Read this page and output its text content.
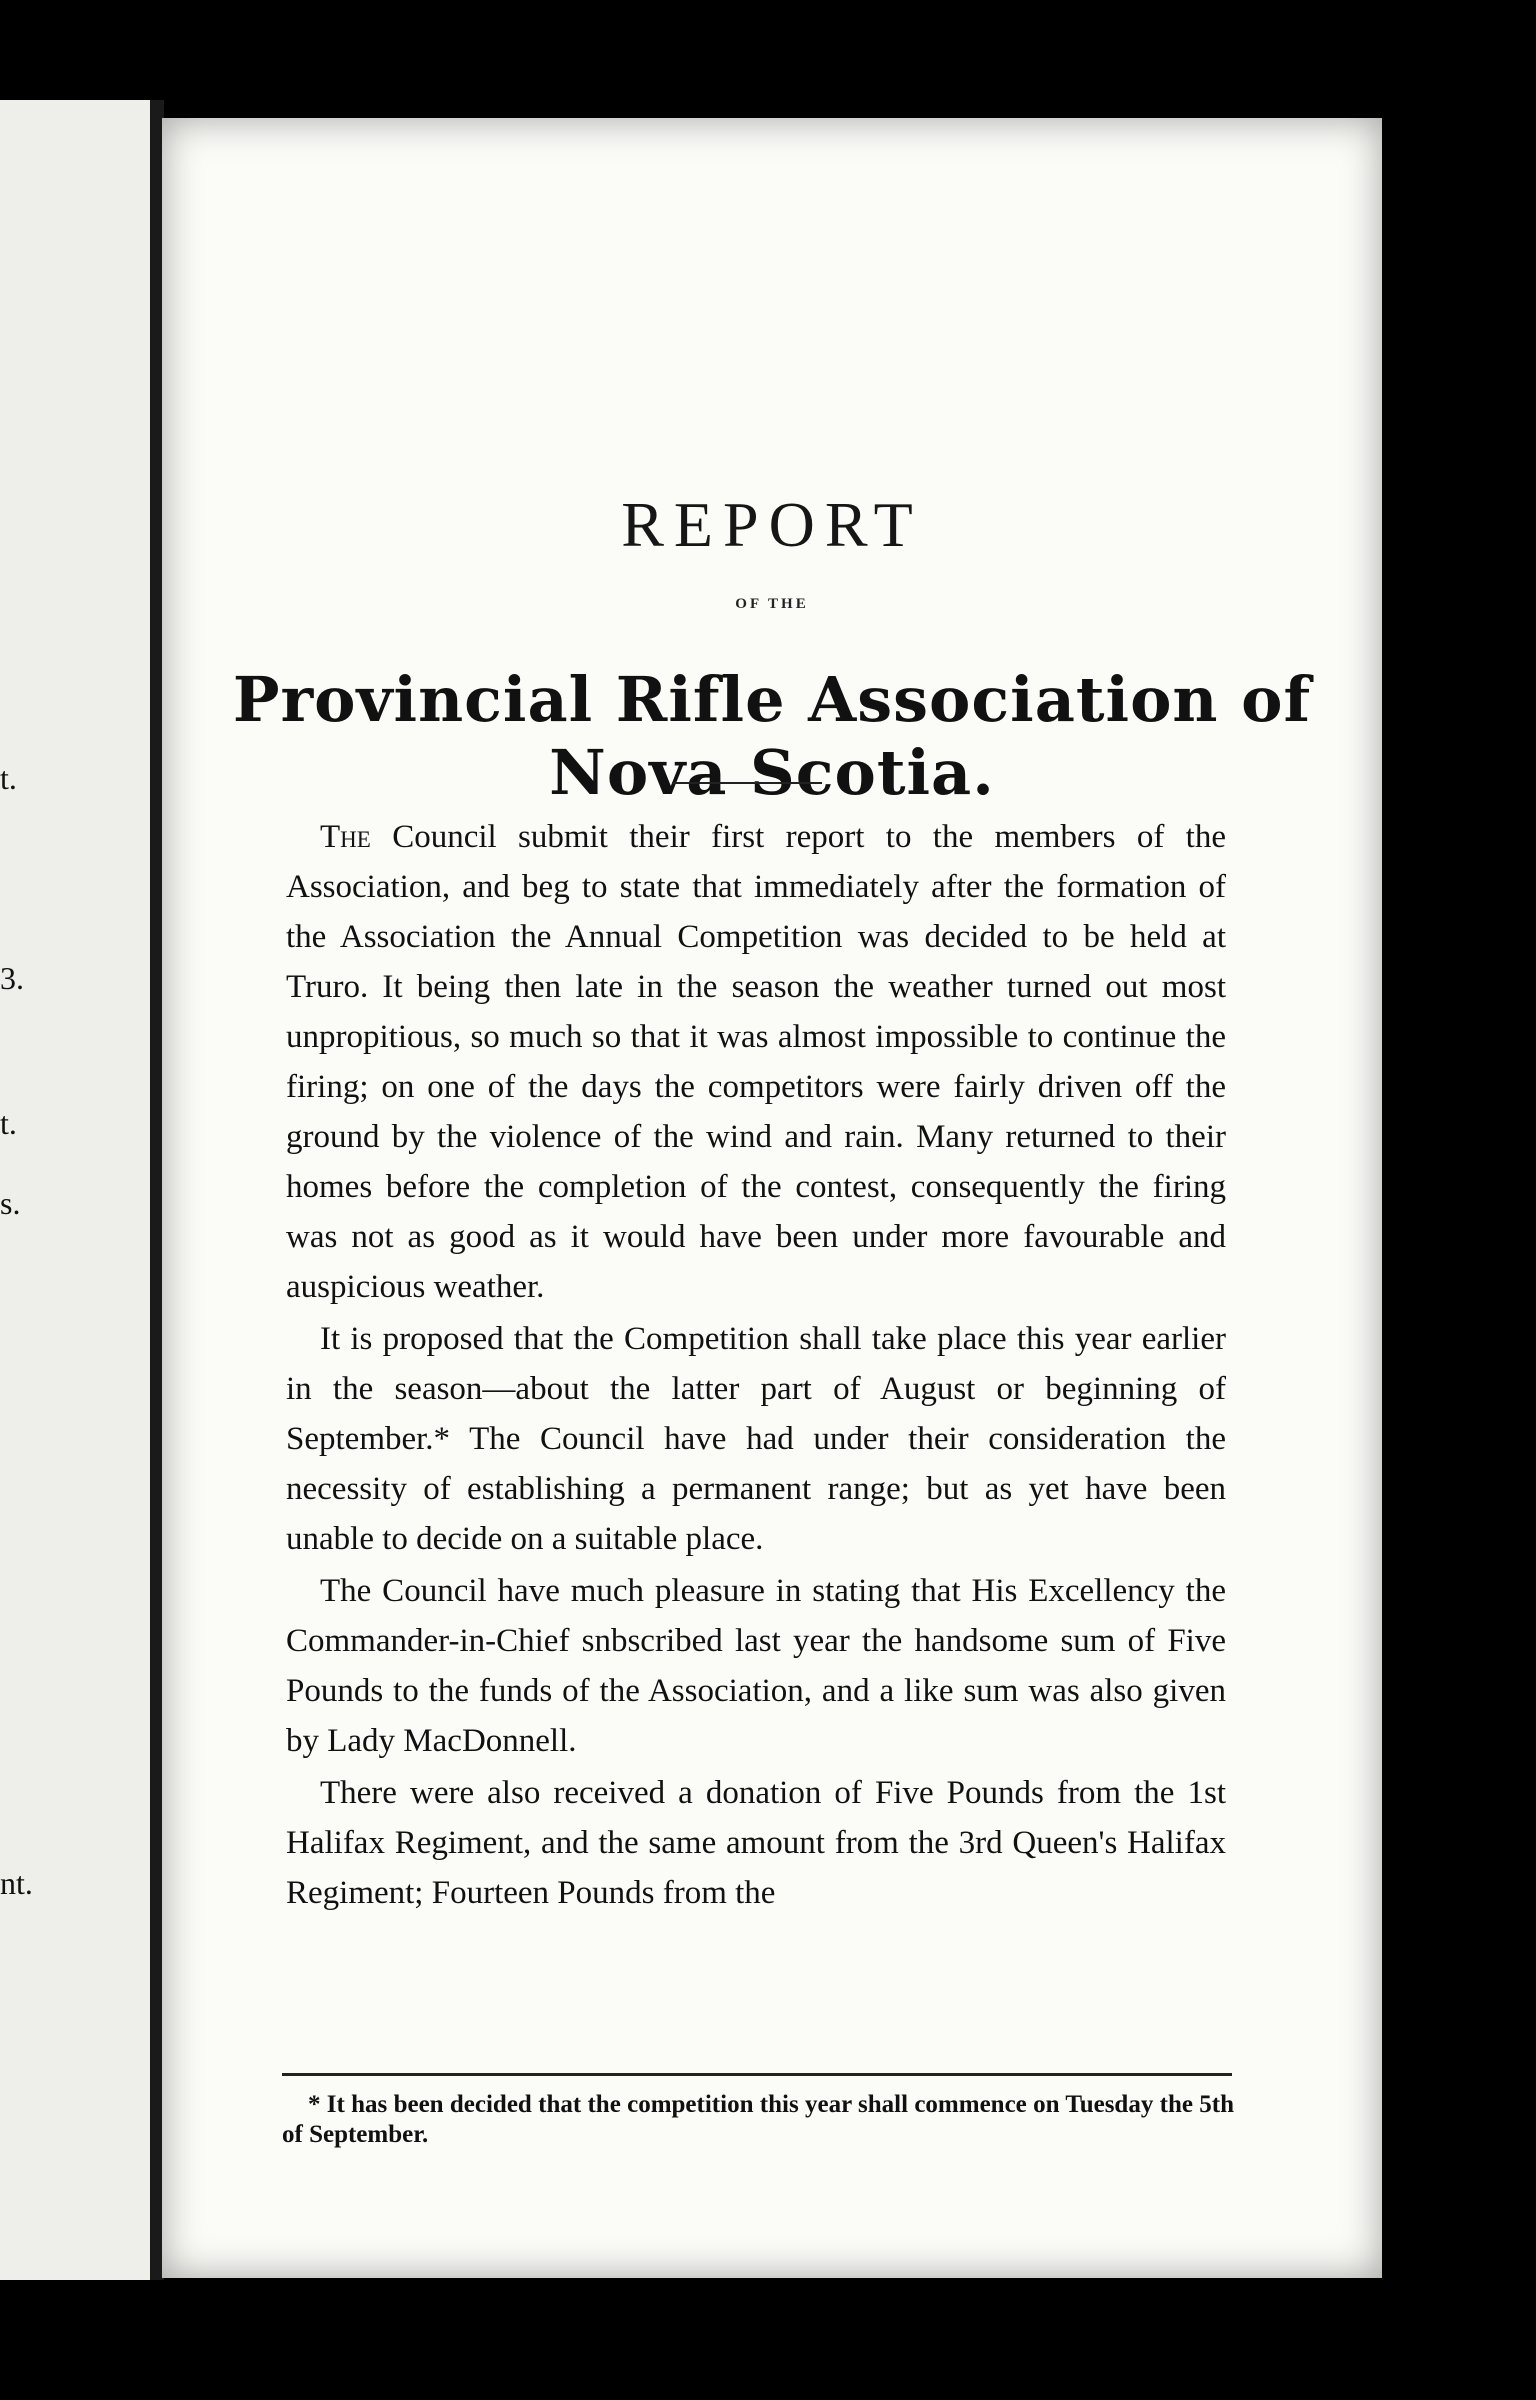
t.
3.
t.
s.
nt.
REPORT
OF THE
Provincial Rifle Association of Nova Scotia.

The Council submit their first report to the members of the Association, and beg to state that immediately after the formation of the Association the Annual Competition was decided to be held at Truro. It being then late in the season the weather turned out most unpropitious, so much so that it was almost impossible to continue the firing; on one of the days the competitors were fairly driven off the ground by the violence of the wind and rain. Many returned to their homes before the completion of the contest, consequently the firing was not as good as it would have been under more favourable and auspicious weather.

It is proposed that the Competition shall take place this year earlier in the season—about the latter part of August or beginning of September.* The Council have had under their consideration the necessity of establishing a permanent range; but as yet have been unable to decide on a suitable place.

The Council have much pleasure in stating that His Excellency the Commander-in-Chief snbscribed last year the handsome sum of Five Pounds to the funds of the Association, and a like sum was also given by Lady MacDonnell.

There were also received a donation of Five Pounds from the 1st Halifax Regiment, and the same amount from the 3rd Queen's Halifax Regiment; Fourteen Pounds from the

* It has been decided that the competition this year shall commence on Tuesday the 5th of September.
